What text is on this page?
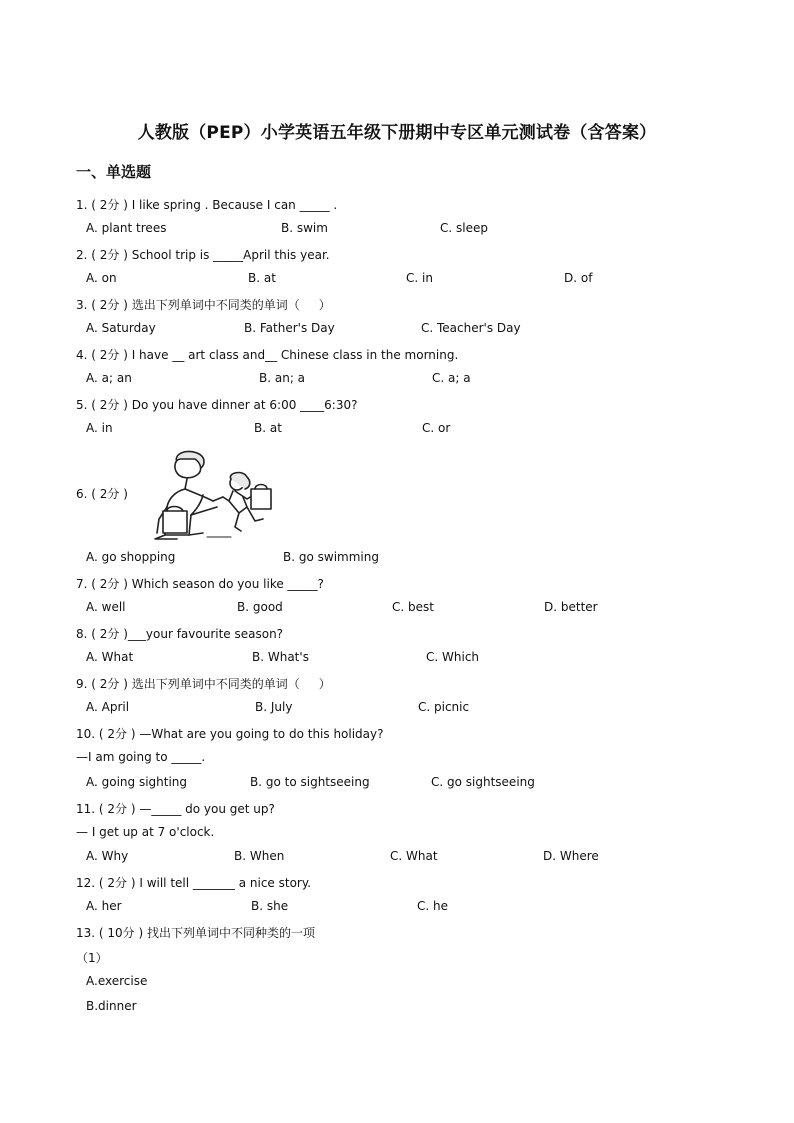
人教版（PEP）小学英语五年级下册期中专区单元测试卷（含答案）
一、单选题
1. ( 2分 ) I like spring . Because I can _____ .
A. plant trees	B. swim	C. sleep
2. ( 2分 ) School trip is _____April this year.
A. on	B. at	C. in	D. of
3. ( 2分 ) 选出下列单词中不同类的单词（     ）
A. Saturday	B. Father's Day	C. Teacher's Day
4. ( 2分 ) I have __ art class and__ Chinese class in the morning.
A. a; an	B. an; a	C. a; a
5. ( 2分 ) Do you have dinner at 6:00 ____6:30?
A. in	B. at	C. or
6. ( 2分 )
A. go shopping	B. go swimming
7. ( 2分 ) Which season do you like _____?
A. well	B. good	C. best	D. better
8. ( 2分 )___your favourite season?
A. What	B. What's	C. Which
9. ( 2分 ) 选出下列单词中不同类的单词（     ）
A. April	B. July	C. picnic
10. ( 2分 ) —What are you going to do this holiday?
—I am going to _____.
A. going sighting	B. go to sightseeing	C. go sightseeing
11. ( 2分 ) —_____ do you get up?
— I get up at 7 o'clock.
A. Why	B. When	C. What	D. Where
12. ( 2分 ) I will tell _______ a nice story.
A. her	B. she	C. he
13. ( 10分 ) 找出下列单词中不同种类的一项
（1）
A.exercise
B.dinner
